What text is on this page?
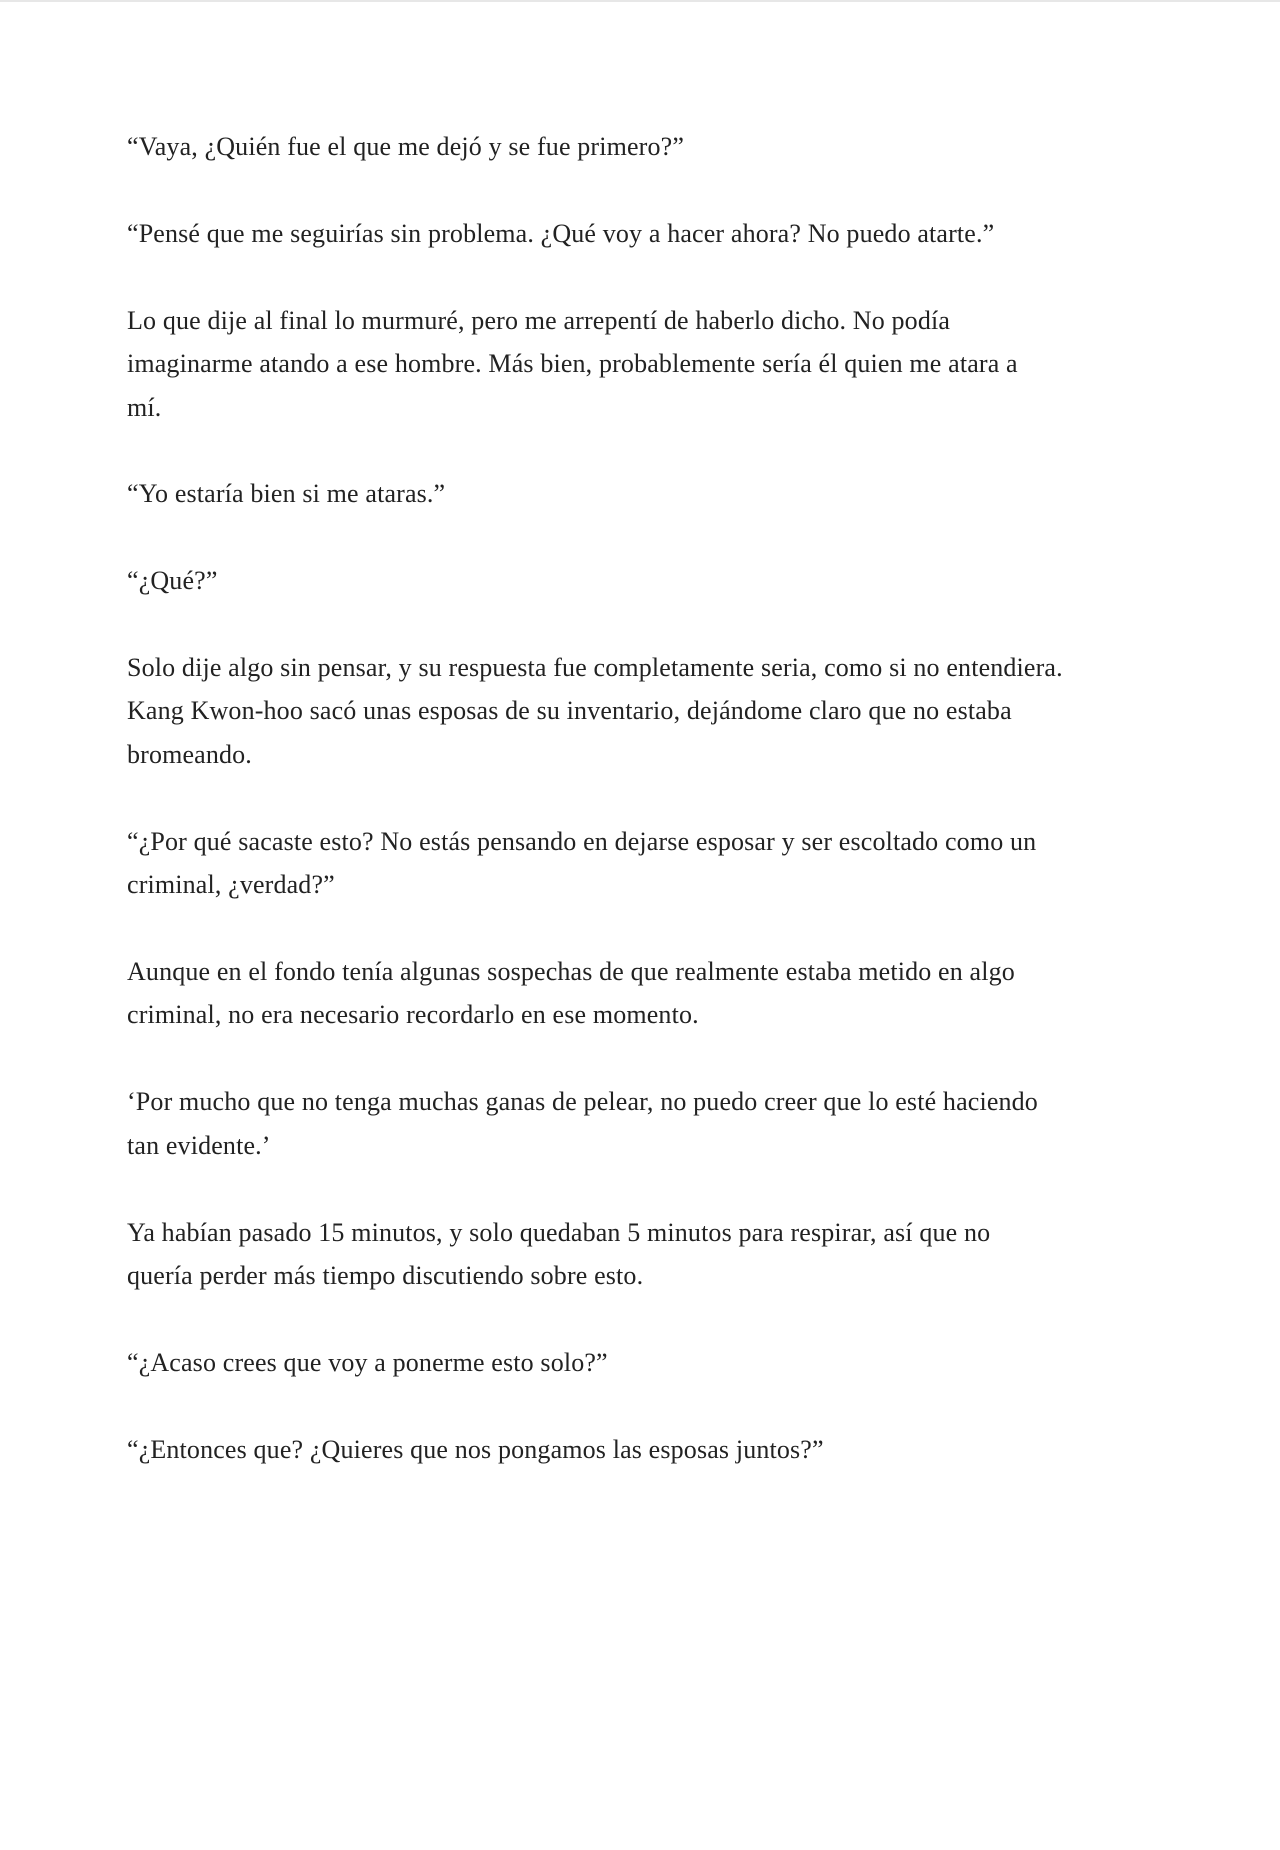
“Vaya, ¿Quién fue el que me dejó y se fue primero?”

“Pensé que me seguirías sin problema. ¿Qué voy a hacer ahora? No puedo atarte.”

Lo que dije al final lo murmuré, pero me arrepentí de haberlo dicho. No podía
imaginarme atando a ese hombre. Más bien, probablemente sería él quien me atara a
mí.

“Yo estaría bien si me ataras.”

“¿Qué?”

Solo dije algo sin pensar, y su respuesta fue completamente seria, como si no entendiera.
Kang Kwon-hoo sacó unas esposas de su inventario, dejándome claro que no estaba
bromeando.

“¿Por qué sacaste esto? No estás pensando en dejarse esposar y ser escoltado como un
criminal, ¿verdad?”

Aunque en el fondo tenía algunas sospechas de que realmente estaba metido en algo
criminal, no era necesario recordarlo en ese momento.

‘Por mucho que no tenga muchas ganas de pelear, no puedo creer que lo esté haciendo
tan evidente.’

Ya habían pasado 15 minutos, y solo quedaban 5 minutos para respirar, así que no
quería perder más tiempo discutiendo sobre esto.

“¿Acaso crees que voy a ponerme esto solo?”

“¿Entonces que? ¿Quieres que nos pongamos las esposas juntos?”
